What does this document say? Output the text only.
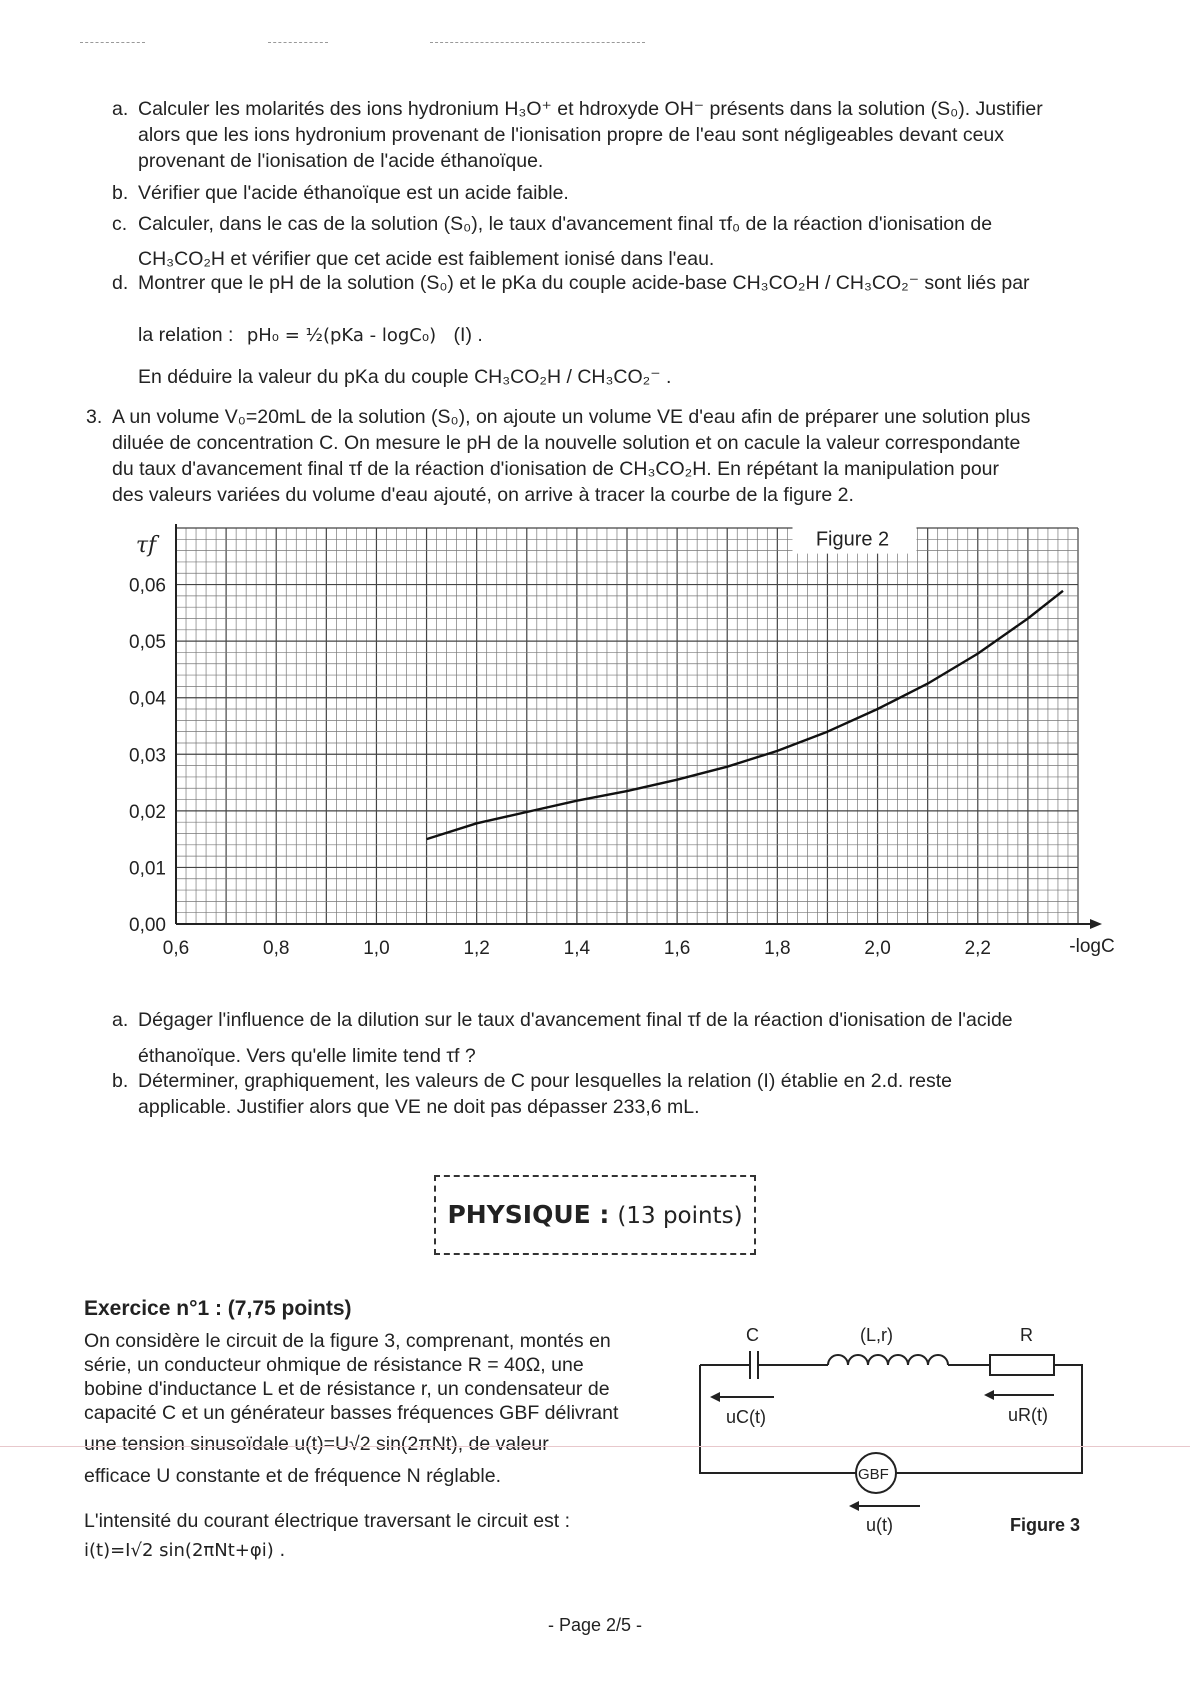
a. Calculer les molarités des ions hydronium H₃O⁺ et hdroxyde OH⁻ présents dans la solution (S₀). Justifier
alors que les ions hydronium provenant de l'ionisation propre de l'eau sont négligeables devant ceux
provenant de l'ionisation de l'acide éthanoïque.
b. Vérifier que l'acide éthanoïque est un acide faible.
c. Calculer, dans le cas de la solution (S₀), le taux d'avancement final τf₀ de la réaction d'ionisation de
CH₃CO₂H et vérifier que cet acide est faiblement ionisé dans l'eau.
d. Montrer que le pH de la solution (S₀) et le pKa du couple acide-base CH₃CO₂H / CH₃CO₂⁻ sont liés par
la relation : pH₀ = ½(pKa - logC₀) (I) .
En déduire la valeur du pKa du couple CH₃CO₂H / CH₃CO₂⁻ .
3. A un volume V₀=20mL de la solution (S₀), on ajoute un volume VE d'eau afin de préparer une solution plus
diluée de concentration C. On mesure le pH de la nouvelle solution et on cacule la valeur correspondante
du taux d'avancement final τf de la réaction d'ionisation de CH₃CO₂H. En répétant la manipulation pour
des valeurs variées du volume d'eau ajouté, on arrive à tracer la courbe de la figure 2.
Figure 2
0,00
0,01
0,02
0,03
0,04
0,05
0,06
τf
0,6	0,8	1,0	1,2	1,4	1,6	1,8	2,0	2,2	-logC
a. Dégager l'influence de la dilution sur le taux d'avancement final τf de la réaction d'ionisation de l'acide
éthanoïque. Vers qu'elle limite tend τf ?
b. Déterminer, graphiquement, les valeurs de C pour lesquelles la relation (I) établie en 2.d. reste
applicable. Justifier alors que VE ne doit pas dépasser 233,6 mL.
PHYSIQUE : (13 points)
Exercice n°1 : (7,75 points)
On considère le circuit de la figure 3, comprenant, montés en
série, un conducteur ohmique de résistance R = 40Ω, une
bobine d'inductance L et de résistance r, un condensateur de
capacité C et un générateur basses fréquences GBF délivrant
une tension sinusoïdale u(t)=U√2 sin(2πNt), de valeur
efficace U constante et de fréquence N réglable.
L'intensité du courant électrique traversant le circuit est :
i(t)=I√2 sin(2πNt+φi) .
C	(L,r)	R
uC(t)	uR(t)
GBF
u(t)	Figure 3
- Page 2/5 -
